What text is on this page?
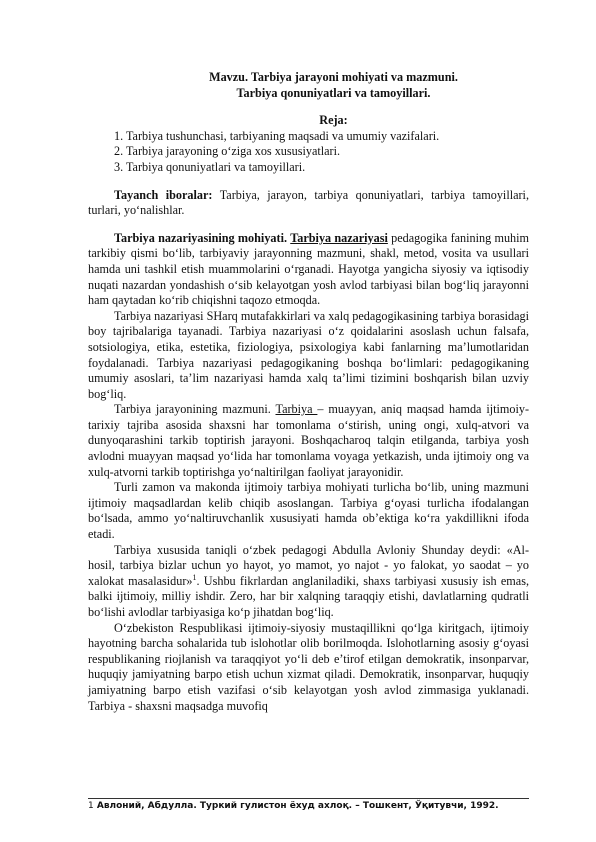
Mavzu. Tarbiya jarayoni mohiyati va mazmuni.
Tarbiya qonuniyatlari va tamoyillari.
Reja:
1. Tarbiya tushunchasi, tarbiyaning maqsadi va umumiy vazifalari.
2. Tarbiya jarayoning o‘ziga xos xususiyatlari.
3. Tarbiya qonuniyatlari va tamoyillari.

Tayanch iboralar: Tarbiya, jarayon, tarbiya qonuniyatlari, tarbiya tamoyillari, turlari, yo‘nalishlar.

Tarbiya nazariyasining mohiyati. Tarbiya nazariyasi pedagogika fanining muhim tarkibiy qismi bo‘lib, tarbiyaviy jarayonning mazmuni, shakl, metod, vosita va usullari hamda uni tashkil etish muammolarini o‘rganadi. Hayotga yangicha siyosiy va iqtisodiy nuqati nazardan yondashish o‘sib kelayotgan yosh avlod tarbiyasi bilan bog‘liq jarayonni ham qaytadan ko‘rib chiqishni taqozo etmoqda.

Tarbiya nazariyasi SHarq mutafakkirlari va xalq pedagogikasining tarbiya borasidagi boy tajribalariga tayanadi. Tarbiya nazariyasi o‘z qoidalarini asoslash uchun falsafa, sotsiologiya, etika, estetika, fiziologiya, psixologiya kabi fanlarning ma’lumotlaridan foydalanadi. Tarbiya nazariyasi pedagogikaning boshqa bo‘limlari: pedagogikaning umumiy asoslari, ta’lim nazariyasi hamda xalq ta’limi tizimini boshqarish bilan uzviy bog‘liq.

Tarbiya jarayonining mazmuni. Tarbiya – muayyan, aniq maqsad hamda ijtimoiy-tarixiy tajriba asosida shaxsni har tomonlama o‘stirish, uning ongi, xulq-atvori va dunyoqarashini tarkib toptirish jarayoni. Boshqacharoq talqin etilganda, tarbiya yosh avlodni muayyan maqsad yo‘lida har tomonlama voyaga yetkazish, unda ijtimoiy ong va xulq-atvorni tarkib toptirishga yo‘naltirilgan faoliyat jarayonidir.

Turli zamon va makonda ijtimoiy tarbiya mohiyati turlicha bo‘lib, uning mazmuni ijtimoiy maqsadlardan kelib chiqib asoslangan. Tarbiya g‘oyasi turlicha ifodalangan bo‘lsada, ammo yo‘naltiruvchanlik xususiyati hamda ob’ektiga ko‘ra yakdillikni ifoda etadi.

Tarbiya xususida taniqli o‘zbek pedagogi Abdulla Avloniy Shunday deydi: «Al-hosil, tarbiya bizlar uchun yo hayot, yo mamot, yo najot - yo falokat, yo saodat – yo xalokat masalasidur»$^1$. Ushbu fikrlardan anglaniladiki, shaxs tarbiyasi xususiy ish emas, balki ijtimoiy, milliy ishdir. Zero, har bir xalqning taraqqiy etishi, davlatlarning qudratli bo‘lishi avlodlar tarbiyasiga ko‘p jihatdan bog‘liq.

O‘zbekiston Respublikasi ijtimoiy-siyosiy mustaqillikni qo‘lga kiritgach, ijtimoiy hayotning barcha sohalarida tub islohotlar olib borilmoqda. Islohotlarning asosiy g‘oyasi respublikaning riojlanish va taraqqiyot yo‘li deb e’tirof etilgan demokratik, insonparvar, huquqiy jamiyatning barpo etish uchun xizmat qiladi. Demokratik, insonparvar, huquqiy jamiyatning barpo etish vazifasi o‘sib kelayotgan yosh avlod zimmasiga yuklanadi. Tarbiya - shaxsni maqsadga muvofiq

1 Авлоний, Абдулла. Туркий гулистон ёхуд ахлоқ. – Тошкент, Ўқитувчи, 1992.
